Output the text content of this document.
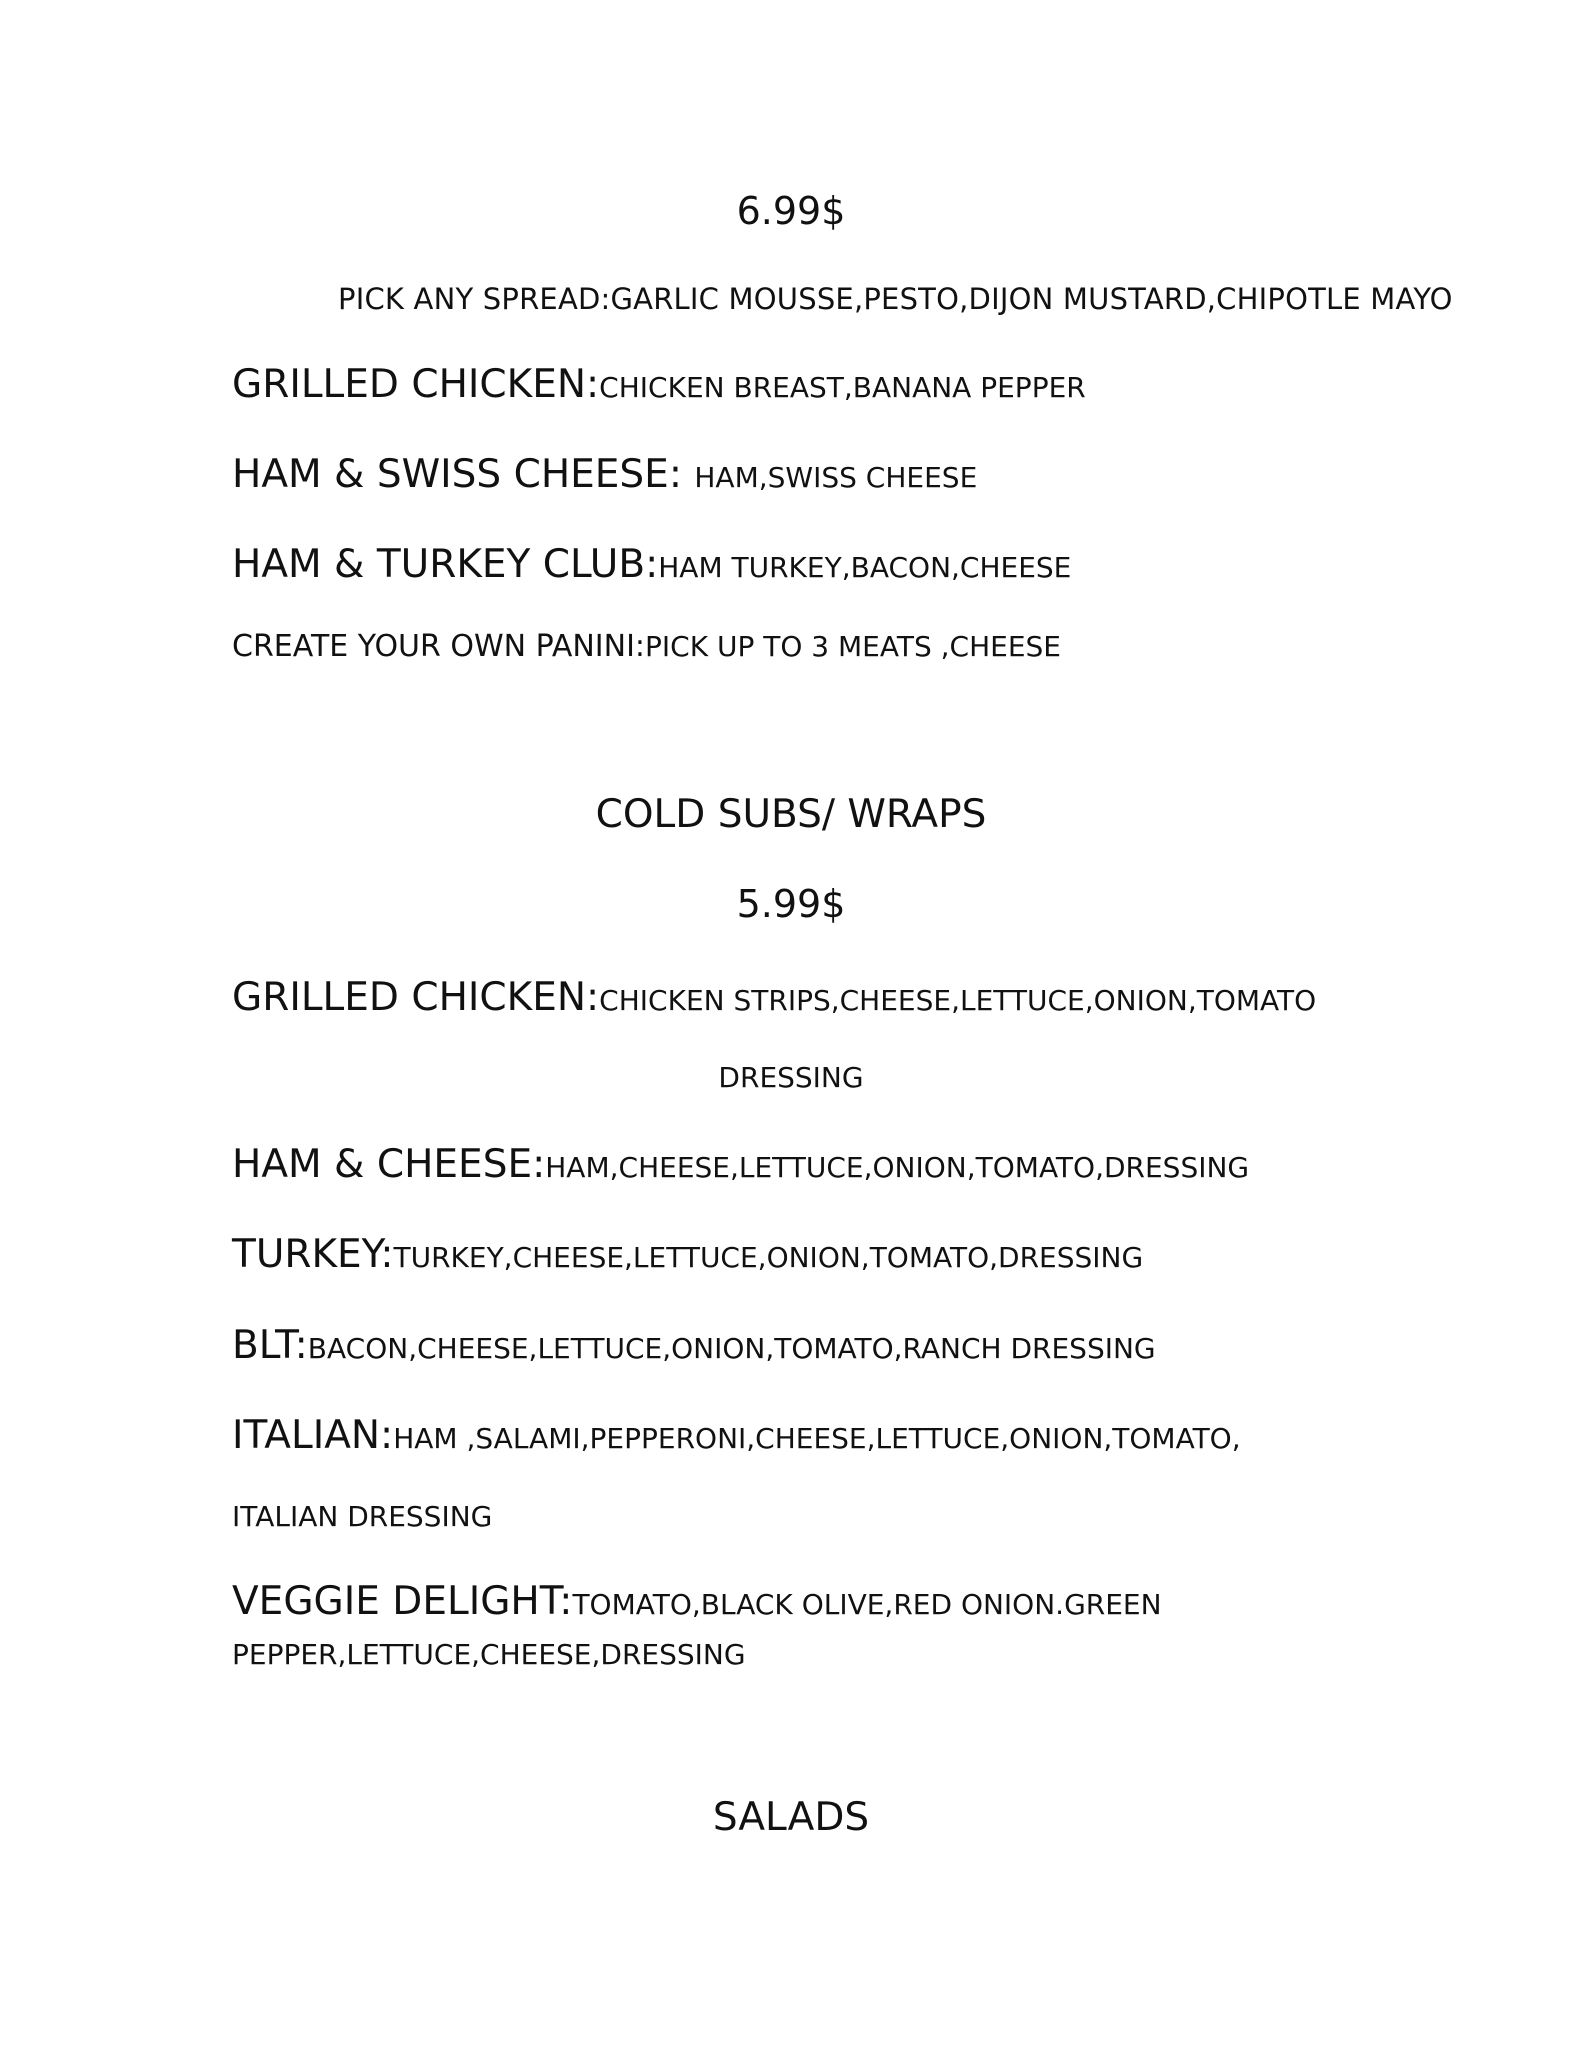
6.99$
PICK ANY SPREAD:GARLIC MOUSSE,PESTO,DIJON MUSTARD,CHIPOTLE MAYO
GRILLED CHICKEN:CHICKEN BREAST,BANANA PEPPER
HAM & SWISS CHEESE: HAM,SWISS CHEESE
HAM & TURKEY CLUB:HAM TURKEY,BACON,CHEESE
CREATE YOUR OWN PANINI:PICK UP TO 3 MEATS ,CHEESE
COLD SUBS/ WRAPS
5.99$
GRILLED CHICKEN:CHICKEN STRIPS,CHEESE,LETTUCE,ONION,TOMATO
DRESSING
HAM & CHEESE:HAM,CHEESE,LETTUCE,ONION,TOMATO,DRESSING
TURKEY:TURKEY,CHEESE,LETTUCE,ONION,TOMATO,DRESSING
BLT:BACON,CHEESE,LETTUCE,ONION,TOMATO,RANCH DRESSING
ITALIAN:HAM ,SALAMI,PEPPERONI,CHEESE,LETTUCE,ONION,TOMATO,
ITALIAN DRESSING
VEGGIE DELIGHT:TOMATO,BLACK OLIVE,RED ONION.GREEN
PEPPER,LETTUCE,CHEESE,DRESSING
SALADS
